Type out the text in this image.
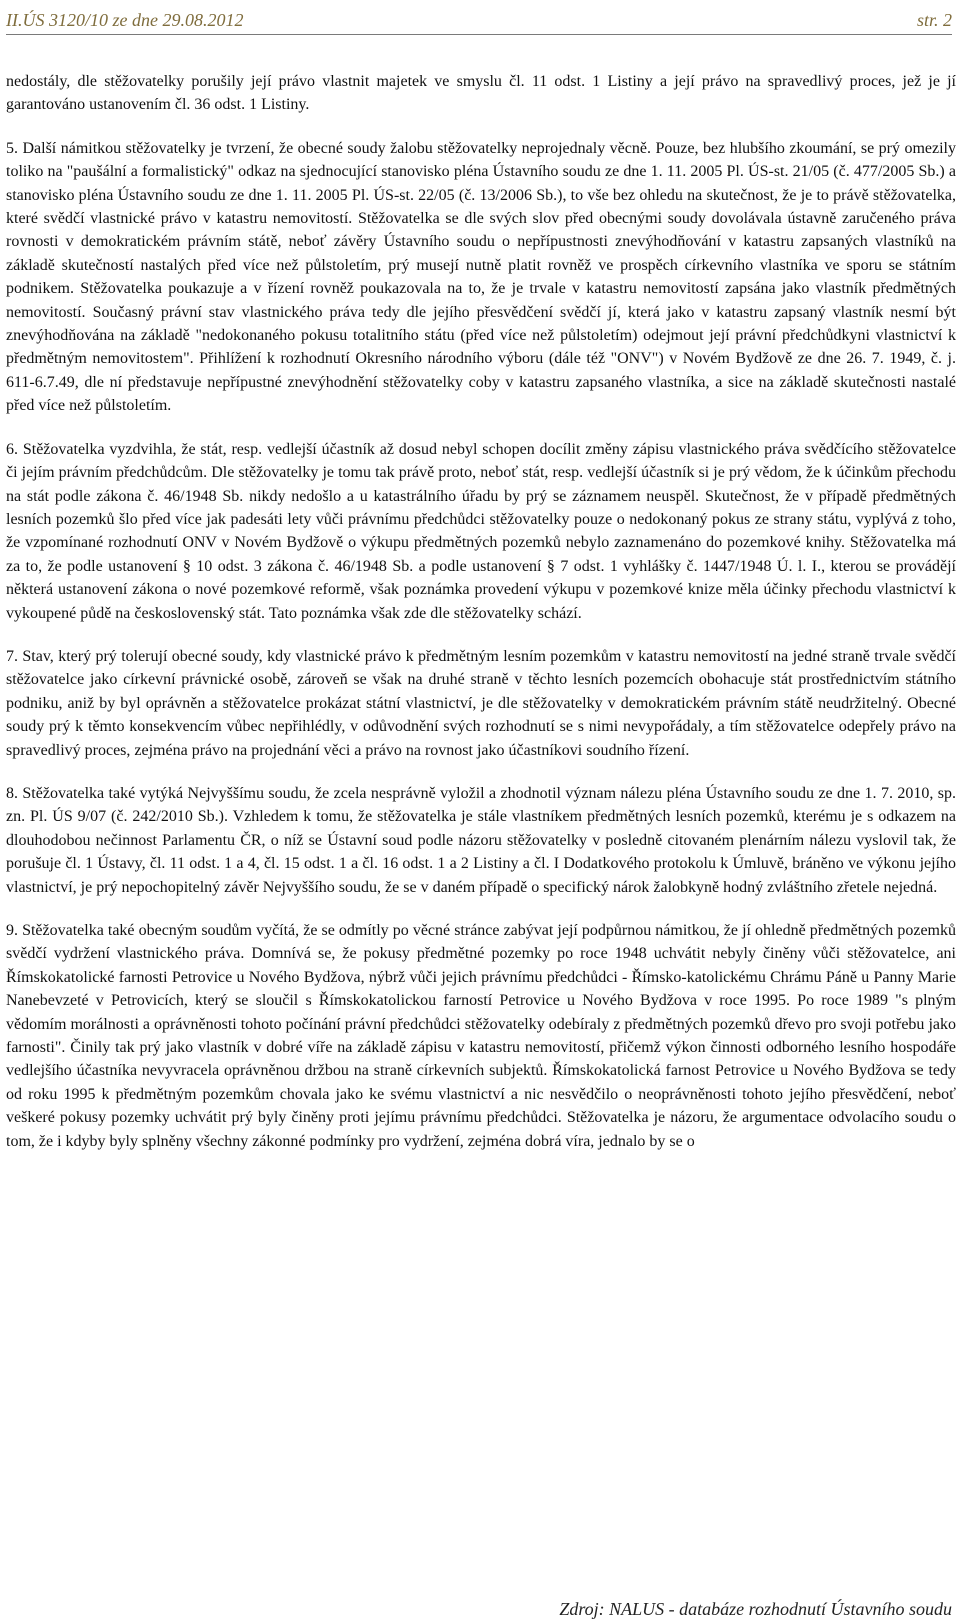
II.ÚS 3120/10 ze dne 29.08.2012	str. 2

nedostály, dle stěžovatelky porušily její právo vlastnit majetek ve smyslu čl. 11 odst. 1 Listiny a její právo na spravedlivý proces, jež je jí garantováno ustanovením čl. 36 odst. 1 Listiny.

5. Další námitkou stěžovatelky je tvrzení, že obecné soudy žalobu stěžovatelky neprojednaly věcně. Pouze, bez hlubšího zkoumání, se prý omezily toliko na "paušální a formalistický" odkaz na sjednocující stanovisko pléna Ústavního soudu ze dne 1. 11. 2005 Pl. ÚS-st. 21/05 (č. 477/2005 Sb.) a stanovisko pléna Ústavního soudu ze dne 1. 11. 2005 Pl. ÚS-st. 22/05 (č. 13/2006 Sb.), to vše bez ohledu na skutečnost, že je to právě stěžovatelka, které svědčí vlastnické právo v katastru nemovitostí. Stěžovatelka se dle svých slov před obecnými soudy dovolávala ústavně zaručeného práva rovnosti v demokratickém právním státě, neboť závěry Ústavního soudu o nepřípustnosti znevýhodňování v katastru zapsaných vlastníků na základě skutečností nastalých před více než půlstoletím, prý musejí nutně platit rovněž ve prospěch církevního vlastníka ve sporu se státním podnikem. Stěžovatelka poukazuje a v řízení rovněž poukazovala na to, že je trvale v katastru nemovitostí zapsána jako vlastník předmětných nemovitostí. Současný právní stav vlastnického práva tedy dle jejího přesvědčení svědčí jí, která jako v katastru zapsaný vlastník nesmí být znevýhodňována na základě "nedokonaného pokusu totalitního státu (před více než půlstoletím) odejmout její právní předchůdkyni vlastnictví k předmětným nemovitostem". Přihlížení k rozhodnutí Okresního národního výboru (dále též "ONV") v Novém Bydžově ze dne 26. 7. 1949, č. j. 611-6.7.49, dle ní představuje nepřípustné znevýhodnění stěžovatelky coby v katastru zapsaného vlastníka, a sice na základě skutečnosti nastalé před více než půlstoletím.

6. Stěžovatelka vyzdvihla, že stát, resp. vedlejší účastník až dosud nebyl schopen docílit změny zápisu vlastnického práva svědčícího stěžovatelce či jejím právním předchůdcům. Dle stěžovatelky je tomu tak právě proto, neboť stát, resp. vedlejší účastník si je prý vědom, že k účinkům přechodu na stát podle zákona č. 46/1948 Sb. nikdy nedošlo a u katastrálního úřadu by prý se záznamem neuspěl. Skutečnost, že v případě předmětných lesních pozemků šlo před více jak padesáti lety vůči právnímu předchůdci stěžovatelky pouze o nedokonaný pokus ze strany státu, vyplývá z toho, že vzpomínané rozhodnutí ONV v Novém Bydžově o výkupu předmětných pozemků nebylo zaznamenáno do pozemkové knihy. Stěžovatelka má za to, že podle ustanovení § 10 odst. 3 zákona č. 46/1948 Sb. a podle ustanovení § 7 odst. 1 vyhlášky č. 1447/1948 Ú. l. I., kterou se provádějí některá ustanovení zákona o nové pozemkové reformě, však poznámka provedení výkupu v pozemkové knize měla účinky přechodu vlastnictví k vykoupené půdě na československý stát. Tato poznámka však zde dle stěžovatelky schází.

7. Stav, který prý tolerují obecné soudy, kdy vlastnické právo k předmětným lesním pozemkům v katastru nemovitostí na jedné straně trvale svědčí stěžovatelce jako církevní právnické osobě, zároveň se však na druhé straně v těchto lesních pozemcích obohacuje stát prostřednictvím státního podniku, aniž by byl oprávněn a stěžovatelce prokázat státní vlastnictví, je dle stěžovatelky v demokratickém právním státě neudržitelný. Obecné soudy prý k těmto konsekvencím vůbec nepřihlédly, v odůvodnění svých rozhodnutí se s nimi nevypořádaly, a tím stěžovatelce odepřely právo na spravedlivý proces, zejména právo na projednání věci a právo na rovnost jako účastníkovi soudního řízení.

8. Stěžovatelka také vytýká Nejvyššímu soudu, že zcela nesprávně vyložil a zhodnotil význam nálezu pléna Ústavního soudu ze dne 1. 7. 2010, sp. zn. Pl. ÚS 9/07 (č. 242/2010 Sb.). Vzhledem k tomu, že stěžovatelka je stále vlastníkem předmětných lesních pozemků, kterému je s odkazem na dlouhodobou nečinnost Parlamentu ČR, o níž se Ústavní soud podle názoru stěžovatelky v posledně citovaném plenárním nálezu vyslovil tak, že porušuje čl. 1 Ústavy, čl. 11 odst. 1 a 4, čl. 15 odst. 1 a čl. 16 odst. 1 a 2 Listiny a čl. I Dodatkového protokolu k Úmluvě, bráněno ve výkonu jejího vlastnictví, je prý nepochopitelný závěr Nejvyššího soudu, že se v daném případě o specifický nárok žalobkyně hodný zvláštního zřetele nejedná.

9. Stěžovatelka také obecným soudům vyčítá, že se odmítly po věcné stránce zabývat její podpůrnou námitkou, že jí ohledně předmětných pozemků svědčí vydržení vlastnického práva. Domnívá se, že pokusy předmětné pozemky po roce 1948 uchvátit nebyly činěny vůči stěžovatelce, ani Římskokatolické farnosti Petrovice u Nového Bydžova, nýbrž vůči jejich právnímu předchůdci - Římsko-katolickému Chrámu Páně u Panny Marie Nanebevzeté v Petrovicích, který se sloučil s Římskokatolickou farností Petrovice u Nového Bydžova v roce 1995. Po roce 1989 "s plným vědomím morálnosti a oprávněnosti tohoto počínání právní předchůdci stěžovatelky odebíraly z předmětných pozemků dřevo pro svoji potřebu jako farnosti". Činily tak prý jako vlastník v dobré víře na základě zápisu v katastru nemovitostí, přičemž výkon činnosti odborného lesního hospodáře vedlejšího účastníka nevyvracela oprávněnou držbou na straně církevních subjektů. Římskokatolická farnost Petrovice u Nového Bydžova se tedy od roku 1995 k předmětným pozemkům chovala jako ke svému vlastnictví a nic nesvědčilo o neoprávněnosti tohoto jejího přesvědčení, neboť veškeré pokusy pozemky uchvátit prý byly činěny proti jejímu právnímu předchůdci. Stěžovatelka je názoru, že argumentace odvolacího soudu o tom, že i kdyby byly splněny všechny zákonné podmínky pro vydržení, zejména dobrá víra, jednalo by se o

Zdroj: NALUS - databáze rozhodnutí Ústavního soudu
